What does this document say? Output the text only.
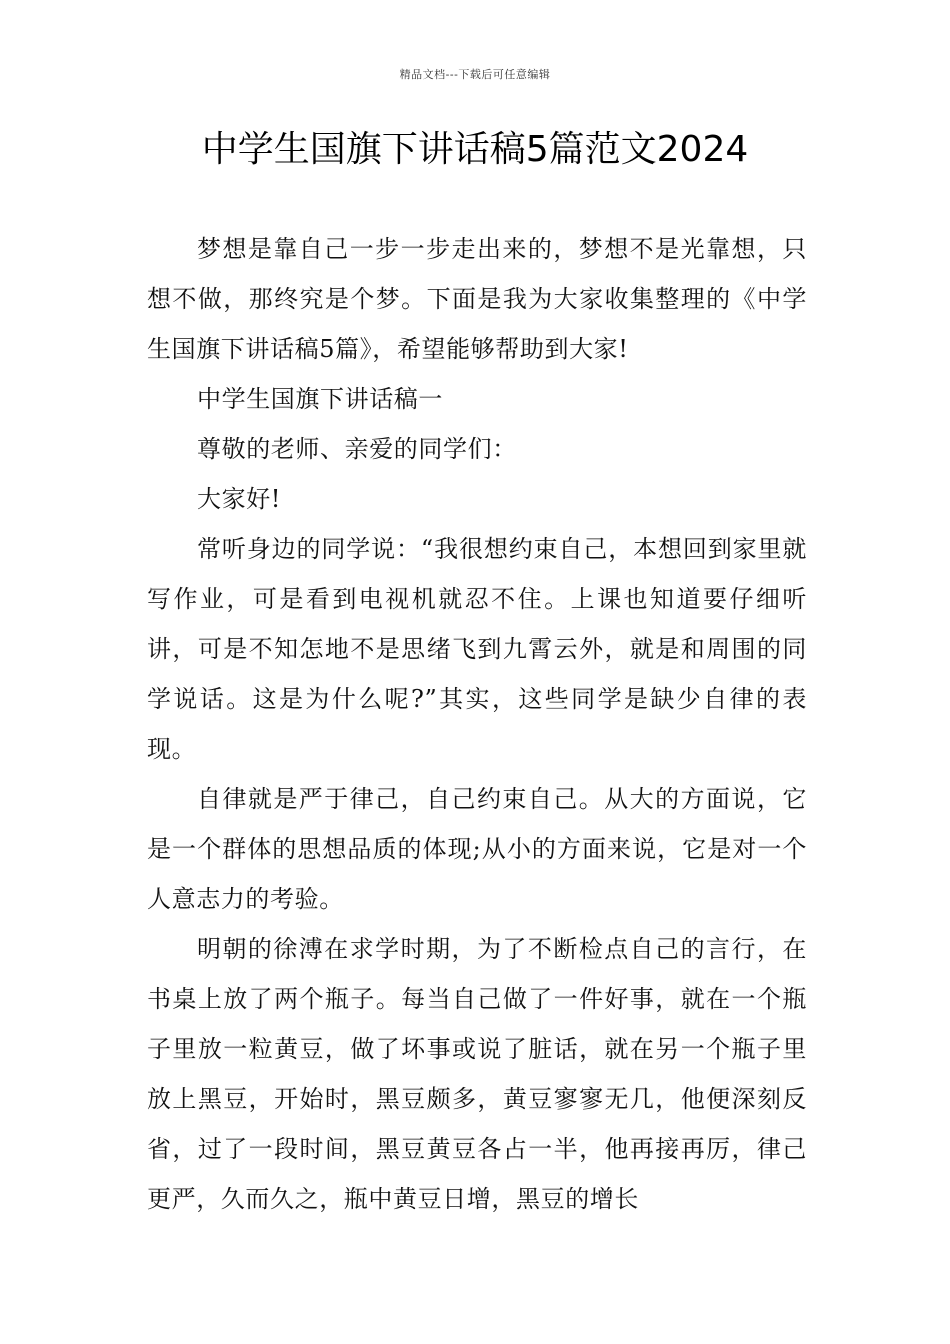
精品文档---下载后可任意编辑
中学生国旗下讲话稿5篇范文2024

梦想是靠自己一步一步走出来的，梦想不是光靠想，只想不做，那终究是个梦。下面是我为大家收集整理的《中学生国旗下讲话稿5篇》，希望能够帮助到大家!

中学生国旗下讲话稿一

尊敬的老师、亲爱的同学们：

大家好!

常听身边的同学说：“我很想约束自己，本想回到家里就写作业，可是看到电视机就忍不住。上课也知道要仔细听讲，可是不知怎地不是思绪飞到九霄云外，就是和周围的同学说话。这是为什么呢?”其实，这些同学是缺少自律的表现。

自律就是严于律己，自己约束自己。从大的方面说，它是一个群体的思想品质的体现;从小的方面来说，它是对一个人意志力的考验。

明朝的徐溥在求学时期，为了不断检点自己的言行，在书桌上放了两个瓶子。每当自己做了一件好事，就在一个瓶子里放一粒黄豆，做了坏事或说了脏话，就在另一个瓶子里放上黑豆，开始时，黑豆颇多，黄豆寥寥无几，他便深刻反省，过了一段时间，黑豆黄豆各占一半，他再接再厉，律己更严，久而久之，瓶中黄豆日增，黑豆的增长
